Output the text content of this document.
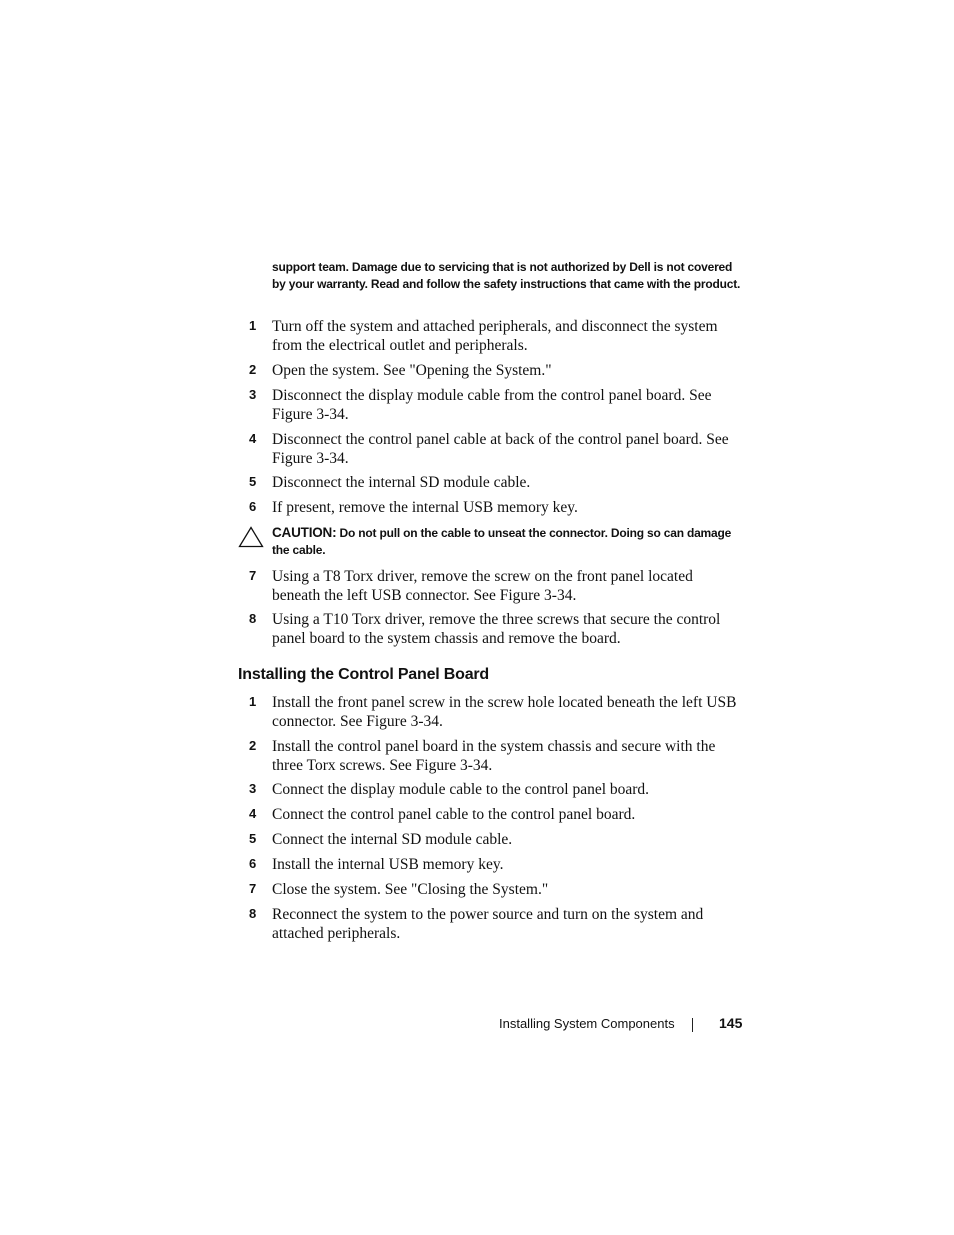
support team. Damage due to servicing that is not authorized by Dell is not covered by your warranty. Read and follow the safety instructions that came with the product.
1 Turn off the system and attached peripherals, and disconnect the system from the electrical outlet and peripherals.
2 Open the system. See "Opening the System."
3 Disconnect the display module cable from the control panel board. See Figure 3-34.
4 Disconnect the control panel cable at back of the control panel board. See Figure 3-34.
5 Disconnect the internal SD module cable.
6 If present, remove the internal USB memory key.
CAUTION: Do not pull on the cable to unseat the connector. Doing so can damage the cable.
7 Using a T8 Torx driver, remove the screw on the front panel located beneath the left USB connector. See Figure 3-34.
8 Using a T10 Torx driver, remove the three screws that secure the control panel board to the system chassis and remove the board.
Installing the Control Panel Board
1 Install the front panel screw in the screw hole located beneath the left USB connector. See Figure 3-34.
2 Install the control panel board in the system chassis and secure with the three Torx screws. See Figure 3-34.
3 Connect the display module cable to the control panel board.
4 Connect the control panel cable to the control panel board.
5 Connect the internal SD module cable.
6 Install the internal USB memory key.
7 Close the system. See "Closing the System."
8 Reconnect the system to the power source and turn on the system and attached peripherals.
Installing System Components	145
